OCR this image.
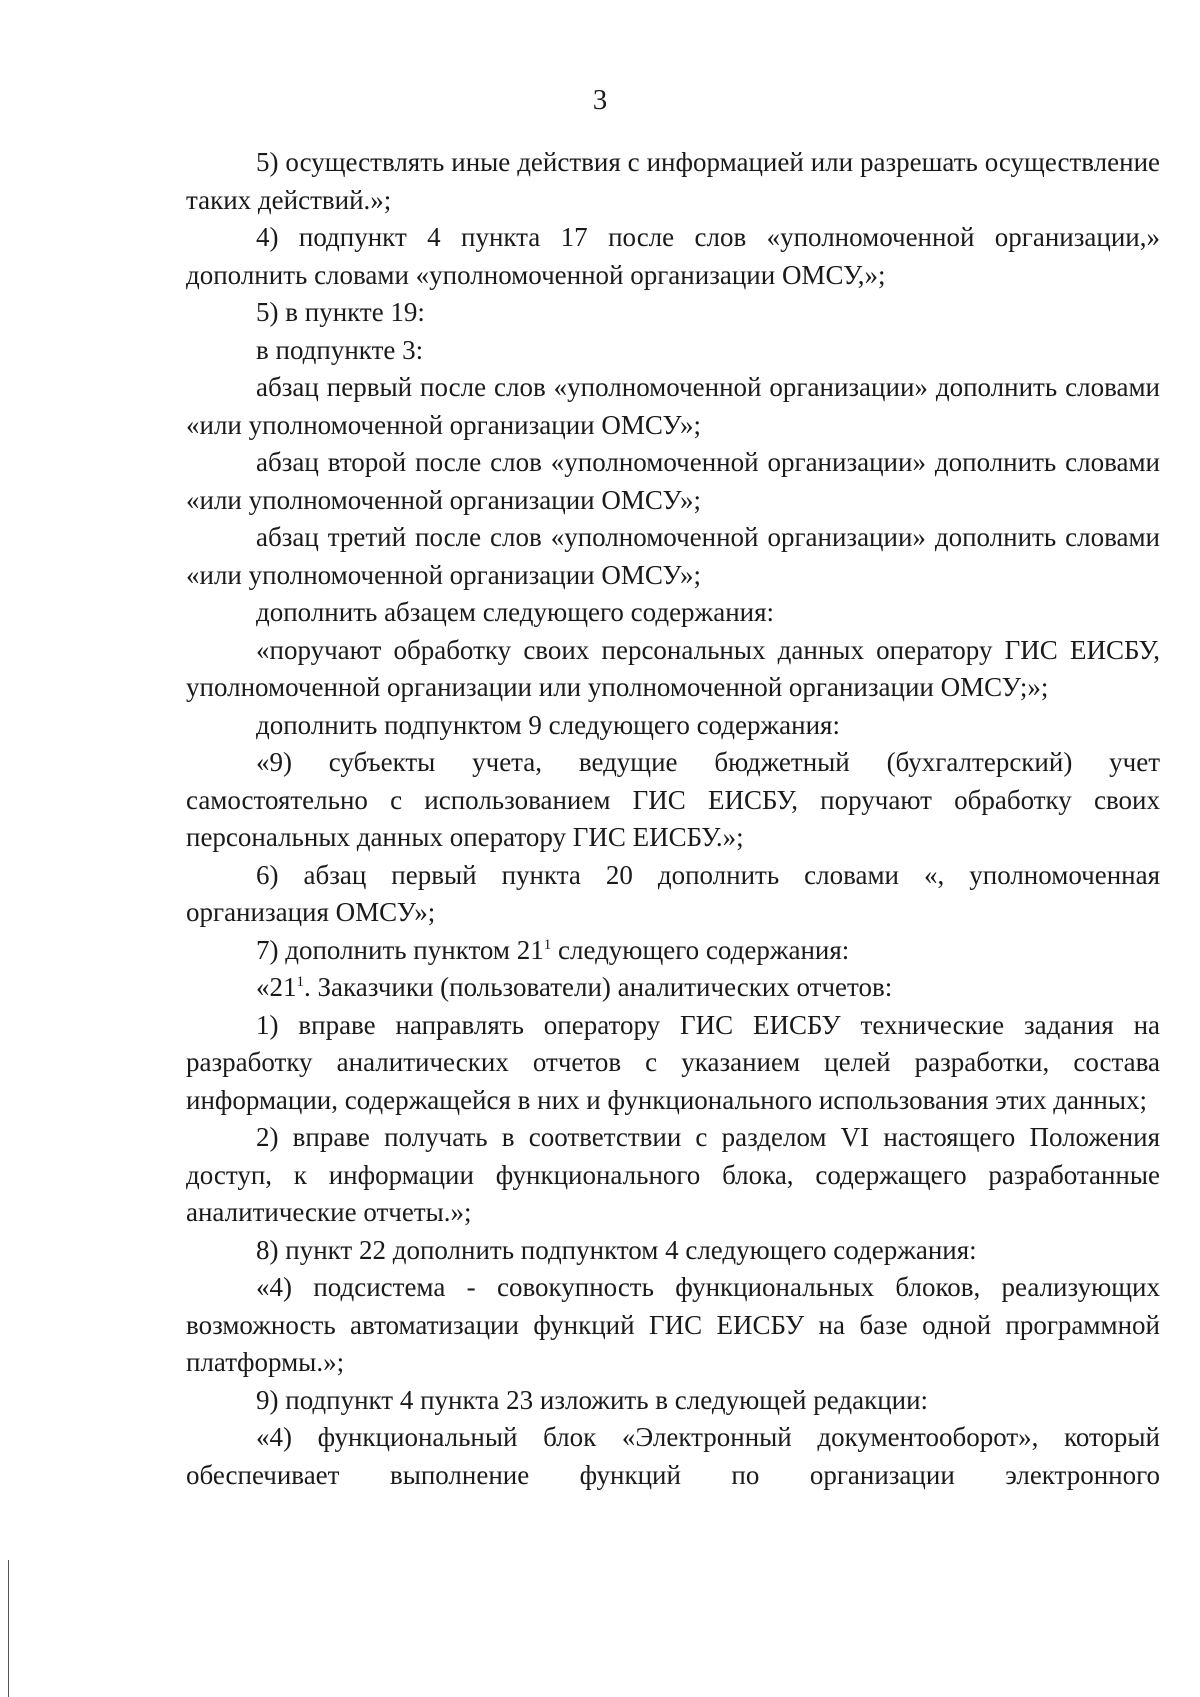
3

5) осуществлять иные действия с информацией или разрешать осуществление таких действий.»;

4) подпункт 4 пункта 17 после слов «уполномоченной организации,» дополнить словами «уполномоченной организации ОМСУ,»;

5) в пункте 19:

в подпункте 3:

абзац первый после слов «уполномоченной организации» дополнить словами «или уполномоченной организации ОМСУ»;

абзац второй после слов «уполномоченной организации» дополнить словами «или уполномоченной организации ОМСУ»;

абзац третий после слов «уполномоченной организации» дополнить словами «или уполномоченной организации ОМСУ»;

дополнить абзацем следующего содержания:

«поручают обработку своих персональных данных оператору ГИС ЕИСБУ, уполномоченной организации или уполномоченной организации ОМСУ;»;

дополнить подпунктом 9 следующего содержания:

«9) субъекты учета, ведущие бюджетный (бухгалтерский) учет самостоятельно с использованием ГИС ЕИСБУ, поручают обработку своих персональных данных оператору ГИС ЕИСБУ.»;

6) абзац первый пункта 20 дополнить словами «, уполномоченная организация ОМСУ»;

7) дополнить пунктом $21^1$ следующего содержания:

«$21^1$. Заказчики (пользователи) аналитических отчетов:

1) вправе направлять оператору ГИС ЕИСБУ технические задания на разработку аналитических отчетов с указанием целей разработки, состава информации, содержащейся в них и функционального использования этих данных;

2) вправе получать в соответствии с разделом VI настоящего Положения доступ, к информации функционального блока, содержащего разработанные аналитические отчеты.»;

8) пункт 22 дополнить подпунктом 4 следующего содержания:

«4) подсистема - совокупность функциональных блоков, реализующих возможность автоматизации функций ГИС ЕИСБУ на базе одной программной платформы.»;

9) подпункт 4 пункта 23 изложить в следующей редакции:

«4) функциональный блок «Электронный документооборот», который обеспечивает выполнение функций по организации электронного
